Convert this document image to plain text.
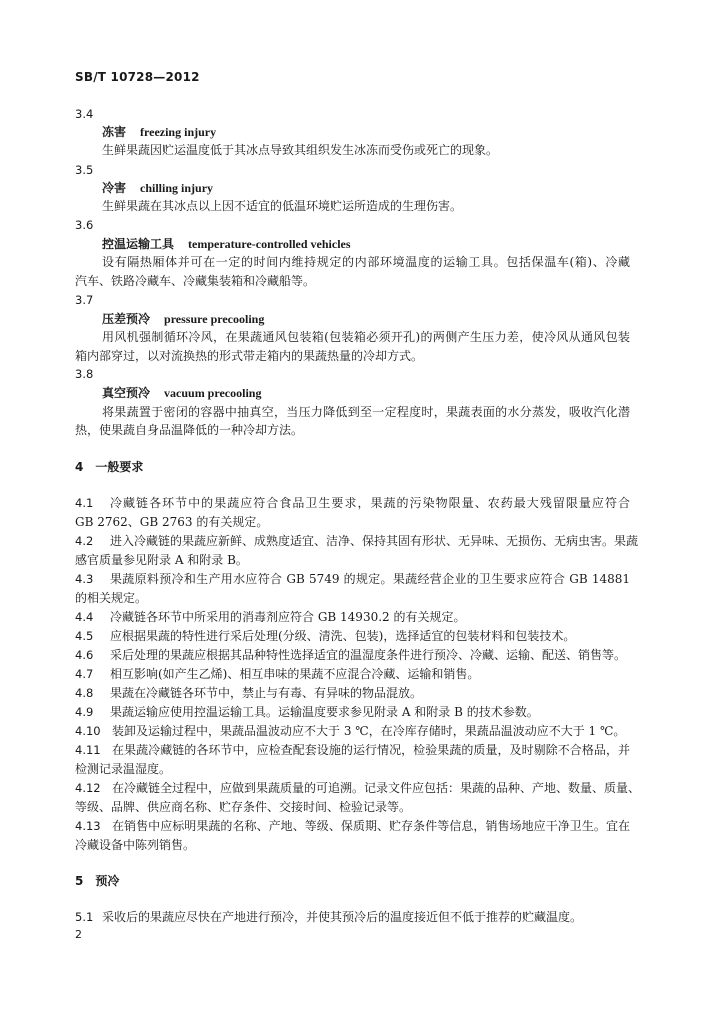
SB/T 10728—2012
3.4
冻害 freezing injury
生鲜果蔬因贮运温度低于其冰点导致其组织发生冰冻而受伤或死亡的现象。
3.5
冷害 chilling injury
生鲜果蔬在其冰点以上因不适宜的低温环境贮运所造成的生理伤害。
3.6
控温运输工具 temperature-controlled vehicles
设有隔热厢体并可在一定的时间内维持规定的内部环境温度的运输工具。包括保温车(箱)、冷藏
汽车、铁路冷藏车、冷藏集装箱和冷藏船等。
3.7
压差预冷 pressure precooling
用风机强制循环冷风，在果蔬通风包装箱(包装箱必须开孔)的两侧产生压力差，使冷风从通风包装
箱内部穿过，以对流换热的形式带走箱内的果蔬热量的冷却方式。
3.8
真空预冷 vacuum precooling
将果蔬置于密闭的容器中抽真空，当压力降低到至一定程度时，果蔬表面的水分蒸发，吸收汽化潜
热，使果蔬自身品温降低的一种冷却方法。
4　一般要求
4.1 冷藏链各环节中的果蔬应符合食品卫生要求，果蔬的污染物限量、农药最大残留限量应符合
GB 2762、GB 2763 的有关规定。
4.2 进入冷藏链的果蔬应新鲜、成熟度适宜、洁净、保持其固有形状、无异味、无损伤、无病虫害。果蔬
感官质量参见附录 A 和附录 B。
4.3 果蔬原料预冷和生产用水应符合 GB 5749 的规定。果蔬经营企业的卫生要求应符合 GB 14881
的相关规定。
4.4 冷藏链各环节中所采用的消毒剂应符合 GB 14930.2 的有关规定。
4.5 应根据果蔬的特性进行采后处理(分级、清洗、包装)，选择适宜的包装材料和包装技术。
4.6 采后处理的果蔬应根据其品种特性选择适宜的温湿度条件进行预冷、冷藏、运输、配送、销售等。
4.7 相互影响(如产生乙烯)、相互串味的果蔬不应混合冷藏、运输和销售。
4.8 果蔬在冷藏链各环节中，禁止与有毒、有异味的物品混放。
4.9 果蔬运输应使用控温运输工具。运输温度要求参见附录 A 和附录 B 的技术参数。
4.10 装卸及运输过程中，果蔬品温波动应不大于 3 ℃，在冷库存储时，果蔬品温波动应不大于 1 ℃。
4.11 在果蔬冷藏链的各环节中，应检查配套设施的运行情况，检验果蔬的质量，及时剔除不合格品，并
检测记录温湿度。
4.12 在冷藏链全过程中，应做到果蔬质量的可追溯。记录文件应包括：果蔬的品种、产地、数量、质量、
等级、品牌、供应商名称、贮存条件、交接时间、检验记录等。
4.13 在销售中应标明果蔬的名称、产地、等级、保质期、贮存条件等信息，销售场地应干净卫生。宜在
冷藏设备中陈列销售。
5　预冷
5.1 采收后的果蔬应尽快在产地进行预冷，并使其预冷后的温度接近但不低于推荐的贮藏温度。
2
